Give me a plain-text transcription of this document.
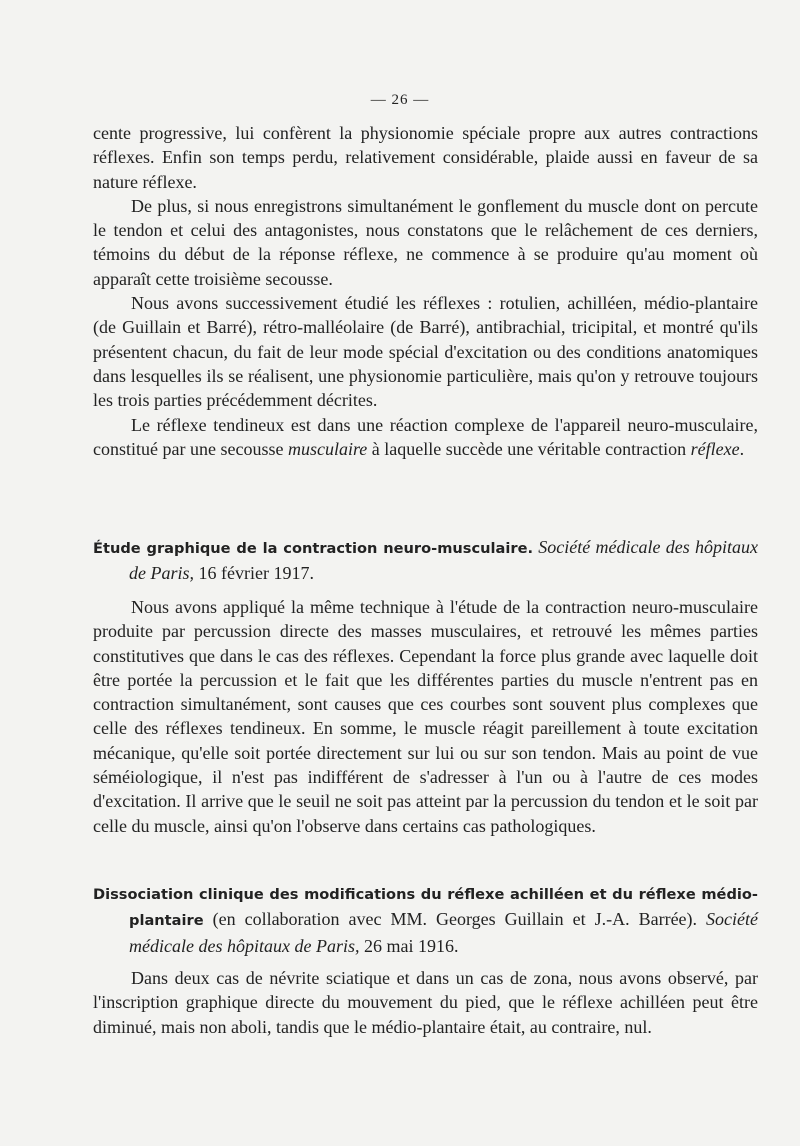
— 26 —

cente progressive, lui confèrent la physionomie spéciale propre aux autres contractions réflexes. Enfin son temps perdu, relativement considérable, plaide aussi en faveur de sa nature réflexe.

De plus, si nous enregistrons simultanément le gonflement du muscle dont on percute le tendon et celui des antagonistes, nous constatons que le relâchement de ces derniers, témoins du début de la réponse réflexe, ne commence à se produire qu'au moment où apparaît cette troisième secousse.

Nous avons successivement étudié les réflexes : rotulien, achilléen, médio-plantaire (de Guillain et Barré), rétro-malléolaire (de Barré), antibrachial, tricipital, et montré qu'ils présentent chacun, du fait de leur mode spécial d'excitation ou des conditions anatomiques dans lesquelles ils se réalisent, une physionomie particulière, mais qu'on y retrouve toujours les trois parties précédemment décrites.

Le réflexe tendineux est dans une réaction complexe de l'appareil neuro-musculaire, constitué par une secousse musculaire à laquelle succède une véritable contraction réflexe.

Étude graphique de la contraction neuro-musculaire. Société médicale des hôpitaux de Paris, 16 février 1917.

Nous avons appliqué la même technique à l'étude de la contraction neuro-musculaire produite par percussion directe des masses musculaires, et retrouvé les mêmes parties constitutives que dans le cas des réflexes. Cependant la force plus grande avec laquelle doit être portée la percussion et le fait que les différentes parties du muscle n'entrent pas en contraction simultanément, sont causes que ces courbes sont souvent plus complexes que celle des réflexes tendineux. En somme, le muscle réagit pareillement à toute excitation mécanique, qu'elle soit portée directement sur lui ou sur son tendon. Mais au point de vue séméiologique, il n'est pas indifférent de s'adresser à l'un ou à l'autre de ces modes d'excitation. Il arrive que le seuil ne soit pas atteint par la percussion du tendon et le soit par celle du muscle, ainsi qu'on l'observe dans certains cas pathologiques.

Dissociation clinique des modifications du réflexe achilléen et du réflexe médio-plantaire (en collaboration avec MM. Georges Guillain et J.-A. Barrée). Société médicale des hôpitaux de Paris, 26 mai 1916.

Dans deux cas de névrite sciatique et dans un cas de zona, nous avons observé, par l'inscription graphique directe du mouvement du pied, que le réflexe achilléen peut être diminué, mais non aboli, tandis que le médio-plantaire était, au contraire, nul.
